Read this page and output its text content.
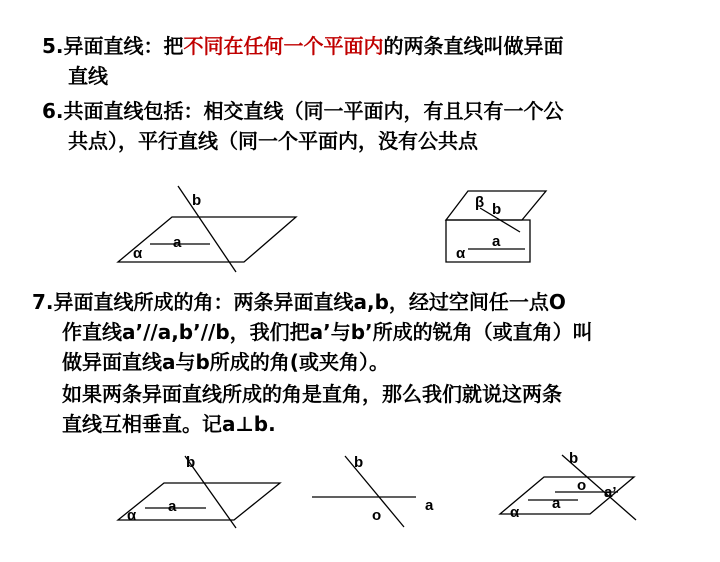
5.异面直线：把不同在任何一个平面内的两条直线叫做异面
直线
6.共面直线包括：相交直线（同一平面内，有且只有一个公
共点），平行直线（同一个平面内，没有公共点
7.异面直线所成的角：两条异面直线a,b，经过空间任一点O
作直线a’//a,b’//b，我们把a’与b’所成的锐角（或直角）叫
做异面直线a与b所成的角(或夹角）。
如果两条异面直线所成的角是直角，那么我们就说这两条
直线互相垂直。记a⊥b.
b
a
α
β b
a
α
b
a
α
b
o
a
b
o a’
a
α
